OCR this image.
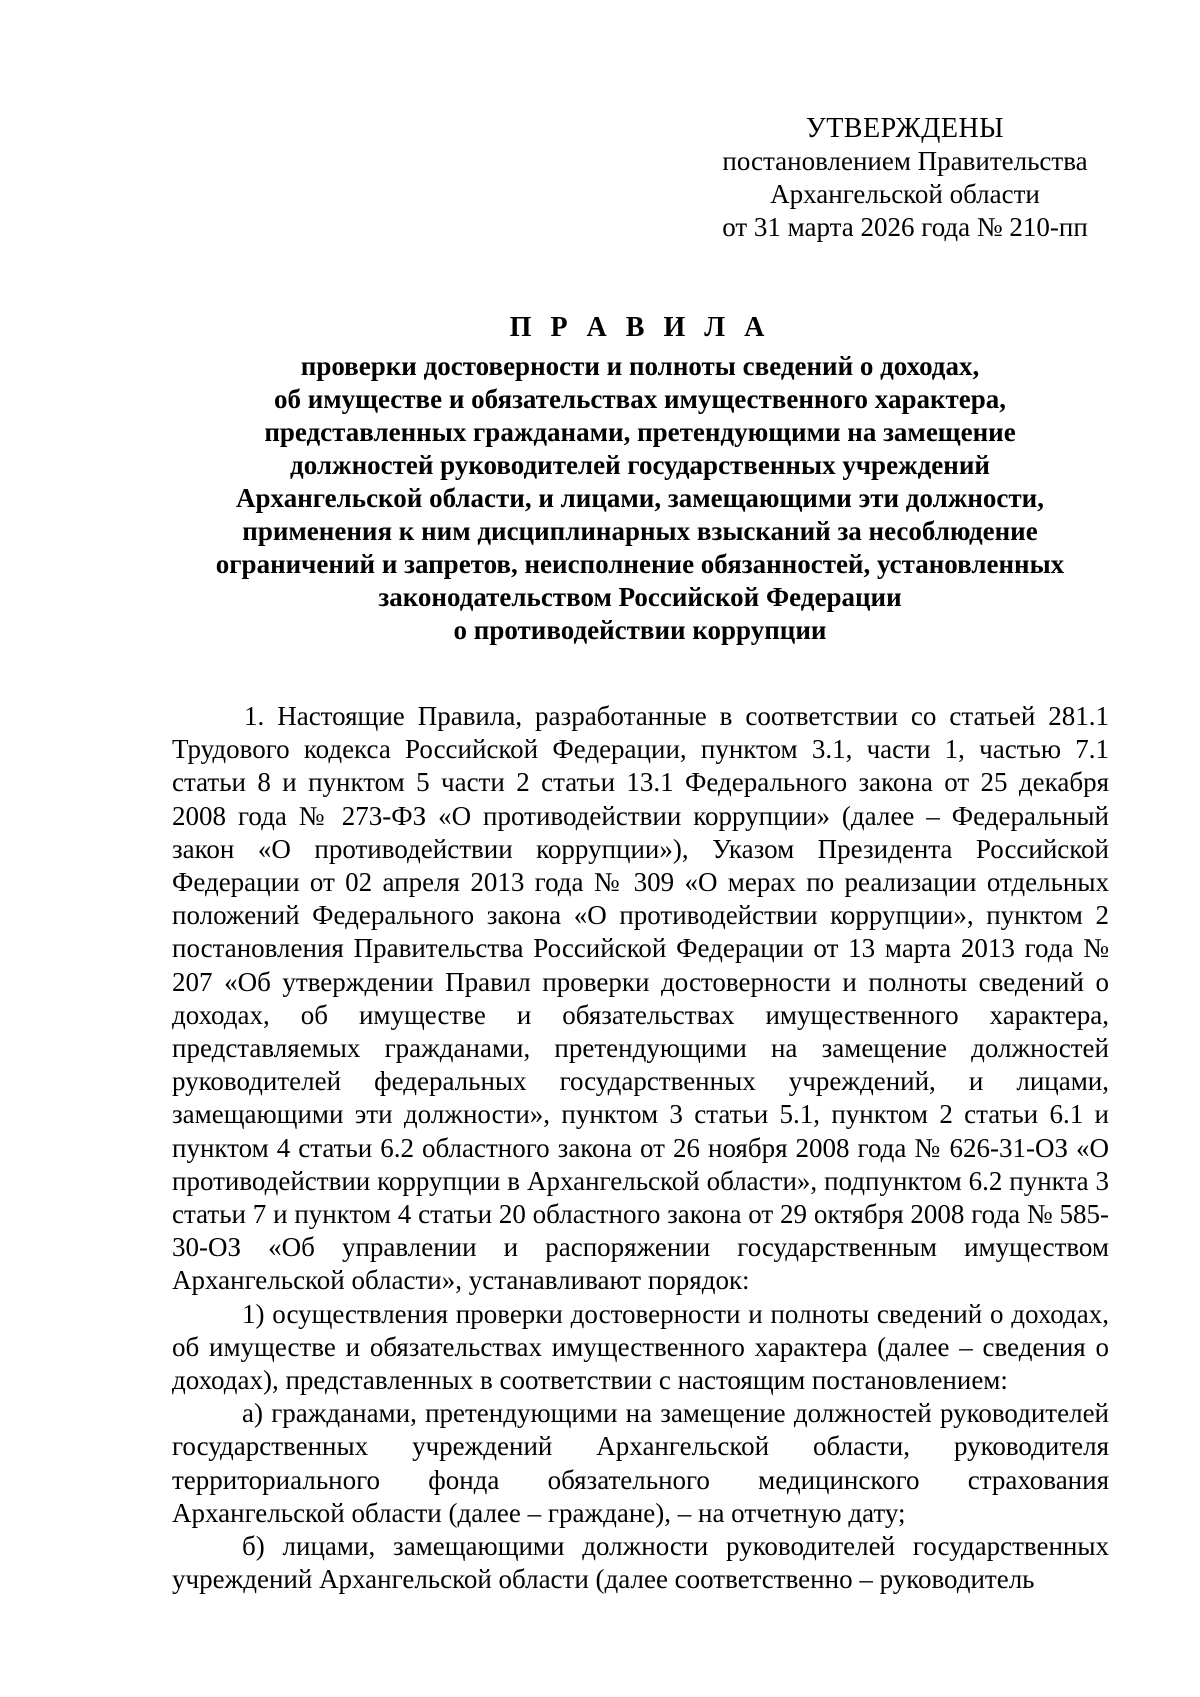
УТВЕРЖДЕНЫ
постановлением Правительства
Архангельской области
от 31 марта 2026 года № 210-пп
П Р А В И Л А
проверки достоверности и полноты сведений о доходах,
об имуществе и обязательствах имущественного характера,
представленных гражданами, претендующими на замещение
должностей руководителей государственных учреждений
Архангельской области, и лицами, замещающими эти должности,
применения к ним дисциплинарных взысканий за несоблюдение
ограничений и запретов, неисполнение обязанностей, установленных
законодательством Российской Федерации
о противодействии коррупции

1. Настоящие Правила, разработанные в соответствии со статьей 281.1 Трудового кодекса Российской Федерации, пунктом 3.1, части 1, частью 7.1 статьи 8 и пунктом 5 части 2 статьи 13.1 Федерального закона от 25 декабря 2008 года № 273-ФЗ «О противодействии коррупции» (далее – Федеральный закон «О противодействии коррупции»), Указом Президента Российской Федерации от 02 апреля 2013 года № 309 «О мерах по реализации отдельных положений Федерального закона «О противодействии коррупции», пунктом 2 постановления Правительства Российской Федерации от 13 марта 2013 года № 207 «Об утверждении Правил проверки достоверности и полноты сведений о доходах, об имуществе и обязательствах имущественного характера, представляемых гражданами, претендующими на замещение должностей руководителей федеральных государственных учреждений, и лицами, замещающими эти должности», пунктом 3 статьи 5.1, пунктом 2 статьи 6.1 и пунктом 4 статьи 6.2 областного закона от 26 ноября 2008 года № 626-31-ОЗ «О противодействии коррупции в Архангельской области», подпунктом 6.2 пункта 3 статьи 7 и пунктом 4 статьи 20 областного закона от 29 октября 2008 года № 585-30-ОЗ «Об управлении и распоряжении государственным имуществом Архангельской области», устанавливают порядок:

1) осуществления проверки достоверности и полноты сведений о доходах, об имуществе и обязательствах имущественного характера (далее – сведения о доходах), представленных в соответствии с настоящим постановлением:

а) гражданами, претендующими на замещение должностей руководителей государственных учреждений Архангельской области, руководителя территориального фонда обязательного медицинского страхования Архангельской области (далее – граждане), – на отчетную дату;

б) лицами, замещающими должности руководителей государственных учреждений Архангельской области (далее соответственно – руководитель
